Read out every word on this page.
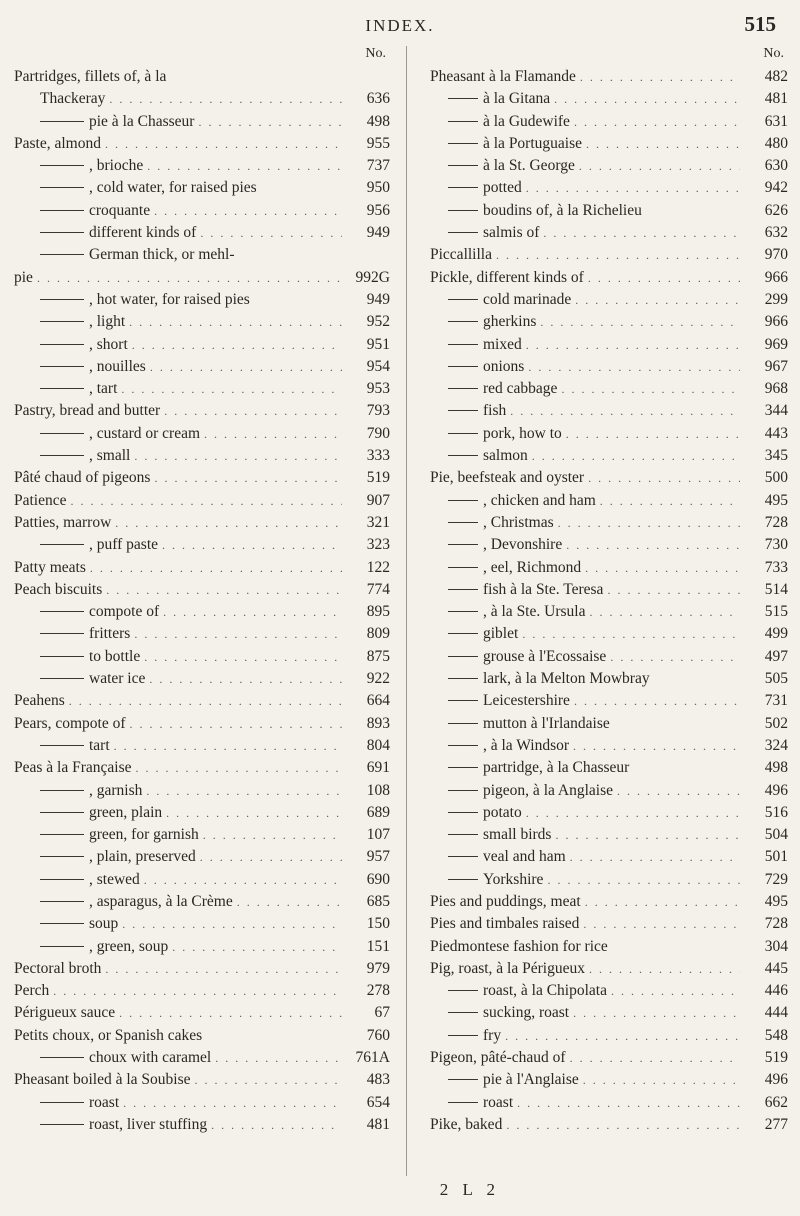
INDEX.	515
No.
Partridges, fillets of, à la
Thackeray . . .	636
pie à la Chasseur . . .	498
Paste, almond . . .	955
, brioche . . .	737
, cold water, for raised pies	950
croquante . . .	956
different kinds of . . .	949
German thick, or mehl-
pie . . .	992G
, hot water, for raised pies	949
, light . . .	952
, short . . .	951
, nouilles . . .	954
, tart . . .	953
Pastry, bread and butter . . .	793
, custard or cream . . .	790
, small . . .	333
Pâté chaud of pigeons . . .	519
Patience . . .	907
Patties, marrow . . .	321
, puff paste . . .	323
Patty meats . . .	122
Peach biscuits . . .	774
compote of . . .	895
fritters . . .	809
to bottle . . .	875
water ice . . .	922
Peahens . . .	664
Pears, compote of . . .	893
tart . . .	804
Peas à la Française . . .	691
, garnish . . .	108
green, plain . . .	689
green, for garnish . . .	107
, plain, preserved . . .	957
, stewed . . .	690
, asparagus, à la Crème . . .	685
soup . . .	150
, green, soup . . .	151
Pectoral broth . . .	979
Perch . . .	278
Périgueux sauce . . .	67
Petits choux, or Spanish cakes	760
choux with caramel . . .	761A
Pheasant boiled à la Soubise . . .	483
roast . . .	654
roast, liver stuffing . . .	481
No.
Pheasant à la Flamande . . .	482
à la Gitana . . .	481
à la Gudewife . . .	631
à la Portuguaise . . .	480
à la St. George . . .	630
potted . . .	942
boudins of, à la Richelieu	626
salmis of . . .	632
Piccallilla . . .	970
Pickle, different kinds of . . .	966
cold marinade . . .	299
gherkins . . .	966
mixed . . .	969
onions . . .	967
red cabbage . . .	968
fish . . .	344
pork, how to . . .	443
salmon . . .	345
Pie, beefsteak and oyster . . .	500
, chicken and ham . . .	495
, Christmas . . .	728
, Devonshire . . .	730
, eel, Richmond . . .	733
fish à la Ste. Teresa . . .	514
, à la Ste. Ursula . . .	515
giblet . . .	499
grouse à l'Ecossaise . . .	497
lark, à la Melton Mowbray	505
Leicestershire . . .	731
mutton à l'Irlandaise	502
, à la Windsor . . .	324
partridge, à la Chasseur	498
pigeon, à la Anglaise . . .	496
potato . . .	516
small birds . . .	504
veal and ham . . .	501
Yorkshire . . .	729
Pies and puddings, meat . . .	495
Pies and timbales raised . . .	728
Piedmontese fashion for rice	304
Pig, roast, à la Périgueux . . .	445
roast, à la Chipolata . . .	446
sucking, roast . . .	444
fry . . .	548
Pigeon, pâté-chaud of . . .	519
pie à l'Anglaise . . .	496
roast . . .	662
Pike, baked . . .	277
2 L 2
